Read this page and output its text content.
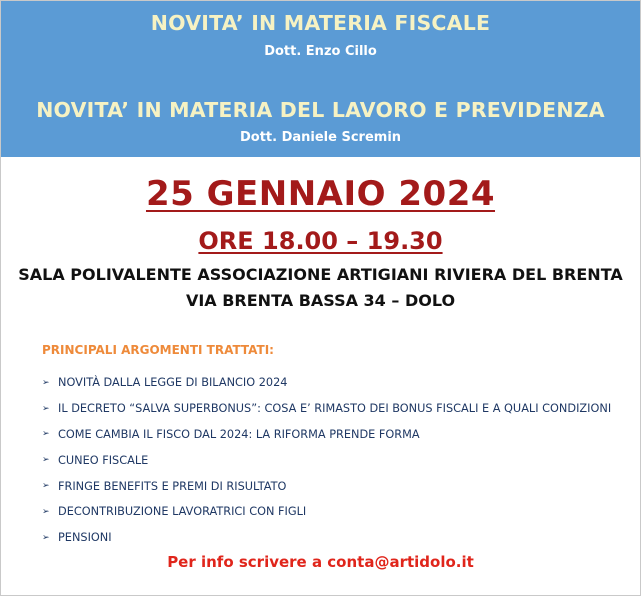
NOVITA’ IN MATERIA FISCALE
Dott. Enzo Cillo
NOVITA’ IN MATERIA DEL LAVORO E PREVIDENZA
Dott. Daniele Scremin
25 GENNAIO 2024
ORE 18.00 – 19.30
SALA POLIVALENTE ASSOCIAZIONE ARTIGIANI RIVIERA DEL BRENTA
VIA BRENTA BASSA 34 – DOLO
PRINCIPALI ARGOMENTI TRATTATI:
➢ NOVITÀ DALLA LEGGE DI BILANCIO 2024
➢ IL DECRETO “SALVA SUPERBONUS”: COSA E’ RIMASTO DEI BONUS FISCALI E A QUALI CONDIZIONI
➢ COME CAMBIA IL FISCO DAL 2024: LA RIFORMA PRENDE FORMA
➢ CUNEO FISCALE
➢ FRINGE BENEFITS E PREMI DI RISULTATO
➢ DECONTRIBUZIONE LAVORATRICI CON FIGLI
➢ PENSIONI
Per info scrivere a conta@artidolo.it
